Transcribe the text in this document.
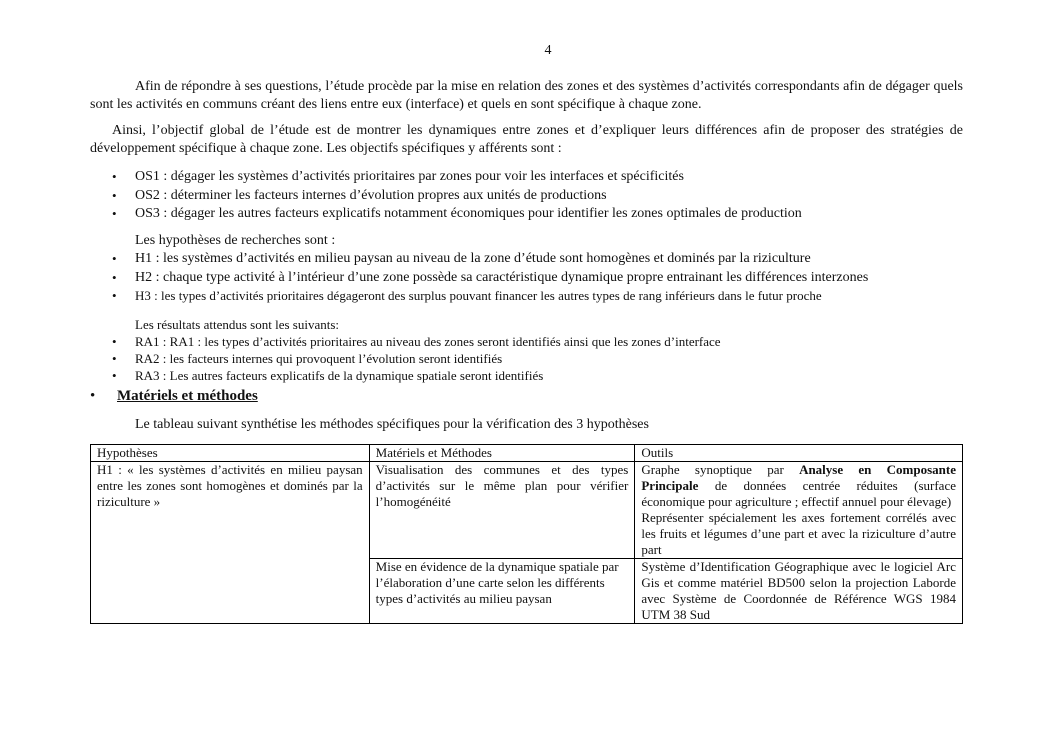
4

Afin de répondre à ses questions, l’étude procède par la mise en relation des zones et des systèmes d’activités correspondants afin de dégager quels sont les activités en communs créant des liens entre eux (interface) et quels en sont spécifique à chaque zone.

Ainsi, l’objectif global de l’étude est de montrer les dynamiques entre zones et d’expliquer leurs différences afin de proposer des stratégies de développement spécifique à chaque zone. Les objectifs spécifiques y afférents sont :

• OS1 : dégager les systèmes d’activités prioritaires par zones pour voir les interfaces et spécificités
• OS2 : déterminer les facteurs internes d’évolution propres aux unités de productions
• OS3 : dégager les autres facteurs explicatifs notamment économiques pour identifier les zones optimales de production
Les hypothèses de recherches sont :
• H1 : les systèmes d’activités en milieu paysan au niveau de la zone d’étude sont homogènes et dominés par la riziculture
• H2 : chaque type activité à l’intérieur d’une zone possède sa caractéristique dynamique propre entrainant les différences interzones
• H3 : les types d’activités prioritaires dégageront des surplus pouvant financer les autres types de rang inférieurs dans le futur proche
Les résultats attendus sont les suivants:
• RA1 : RA1 : les types d’activités prioritaires au niveau des zones seront identifiés ainsi que les zones d’interface
• RA2 : les facteurs internes qui provoquent l’évolution seront identifiés
• RA3 : Les autres facteurs explicatifs de la dynamique spatiale seront identifiés
• Matériels et méthodes
Le tableau suivant synthétise les méthodes spécifiques pour la vérification des 3 hypothèses
Hypothèses	Matériels et Méthodes	Outils
H1 : « les systèmes d’activités en milieu paysan entre les zones sont homogènes et dominés par la riziculture »	Visualisation des communes et des types d’activités sur le même plan pour vérifier l’homogénéité	Graphe synoptique par Analyse en Composante Principale de données centrée réduites (surface économique pour agriculture ; effectif annuel pour élevage)
Représenter spécialement les axes fortement corrélés avec les fruits et légumes d’une part et avec la riziculture d’autre part

	Mise en évidence de la dynamique spatiale par l’élaboration d’une carte selon les différents types d’activités au milieu paysan	Système d’Identification Géographique avec le logiciel Arc Gis et comme matériel BD500 selon la projection Laborde avec Système de Coordonnée de Référence WGS 1984 UTM 38 Sud
